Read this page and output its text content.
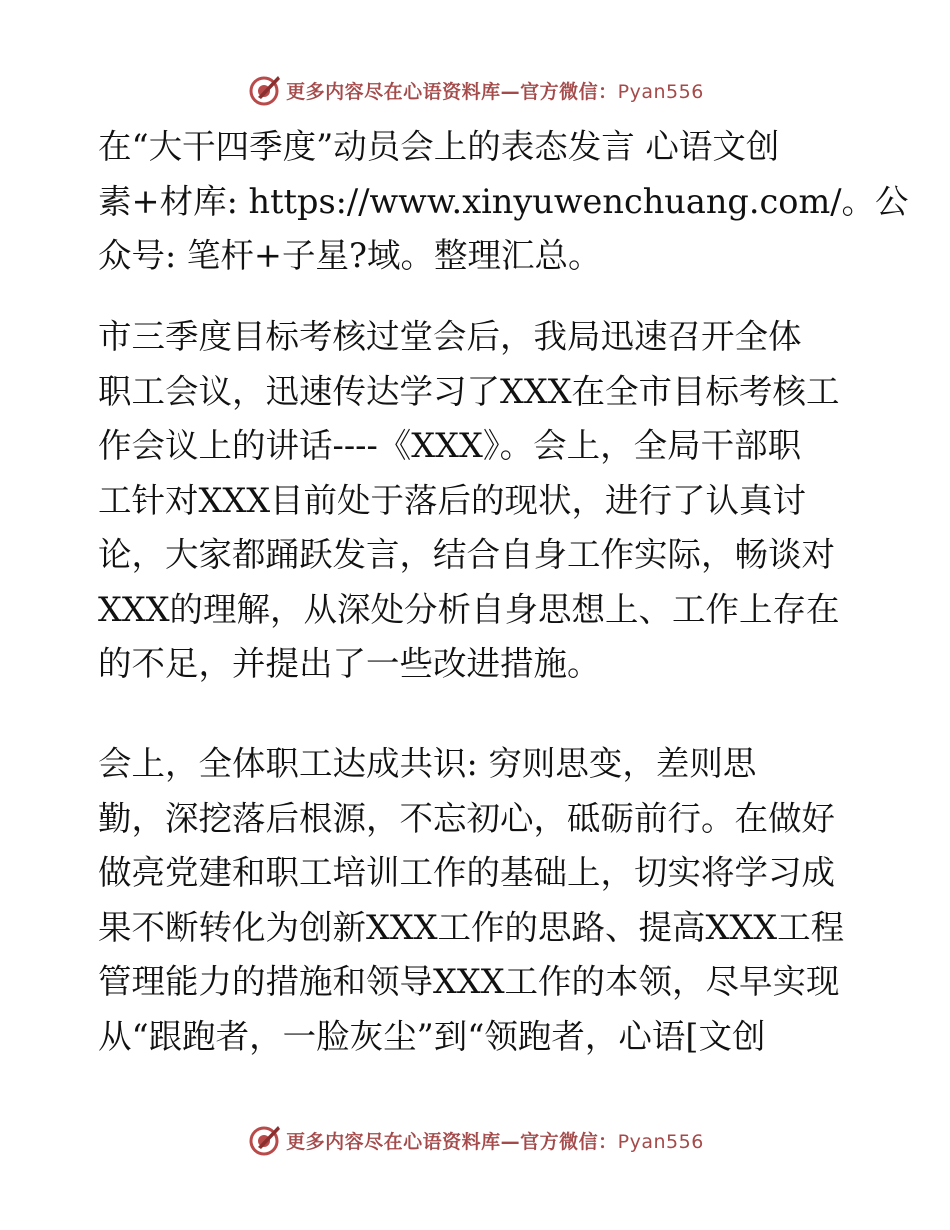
更多内容尽在心语资料库—官方微信：Pyan556
在“大干四季度”动员会上的表态发言 心语文创
素+材库: https://www.xinyuwenchuang.com/。公
众号: 笔杆+子星?域。整理汇总。
市三季度目标考核过堂会后，我局迅速召开全体
职工会议，迅速传达学习了XXX在全市目标考核工
作会议上的讲话----《XXX》。会上，全局干部职
工针对XXX目前处于落后的现状，进行了认真讨
论，大家都踊跃发言，结合自身工作实际，畅谈对
XXX的理解，从深处分析自身思想上、工作上存在
的不足，并提出了一些改进措施。
会上，全体职工达成共识: 穷则思变，差则思
勤，深挖落后根源，不忘初心，砥砺前行。在做好
做亮党建和职工培训工作的基础上，切实将学习成
果不断转化为创新XXX工作的思路、提高XXX工程
管理能力的措施和领导XXX工作的本领，尽早实现
从“跟跑者，一脸灰尘”到“领跑者，心语[文创
更多内容尽在心语资料库—官方微信：Pyan556
